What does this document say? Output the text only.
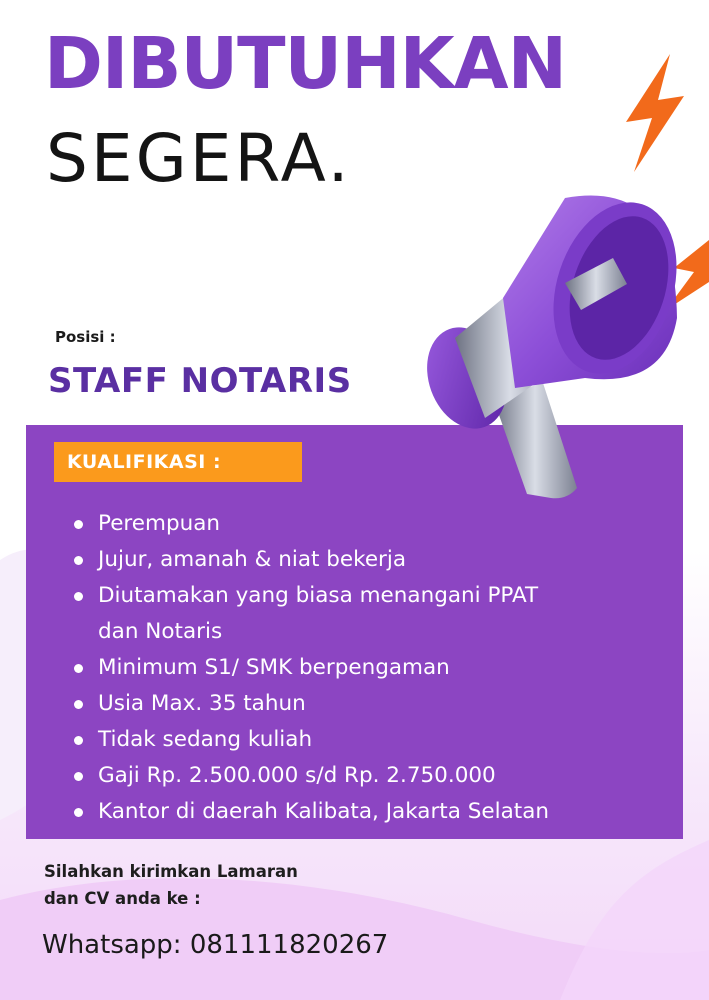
DIBUTUHKAN
SEGERA.
Posisi :
STAFF NOTARIS
KUALIFIKASI :
Perempuan
Jujur, amanah & niat bekerja
Diutamakan yang biasa menangani PPAT
dan Notaris
Minimum S1/ SMK berpengaman
Usia Max. 35 tahun
Tidak sedang kuliah
Gaji Rp. 2.500.000 s/d Rp. 2.750.000
Kantor di daerah Kalibata, Jakarta Selatan

Silahkan kirimkan Lamaran
dan CV anda ke :

Whatsapp: 081111820267
